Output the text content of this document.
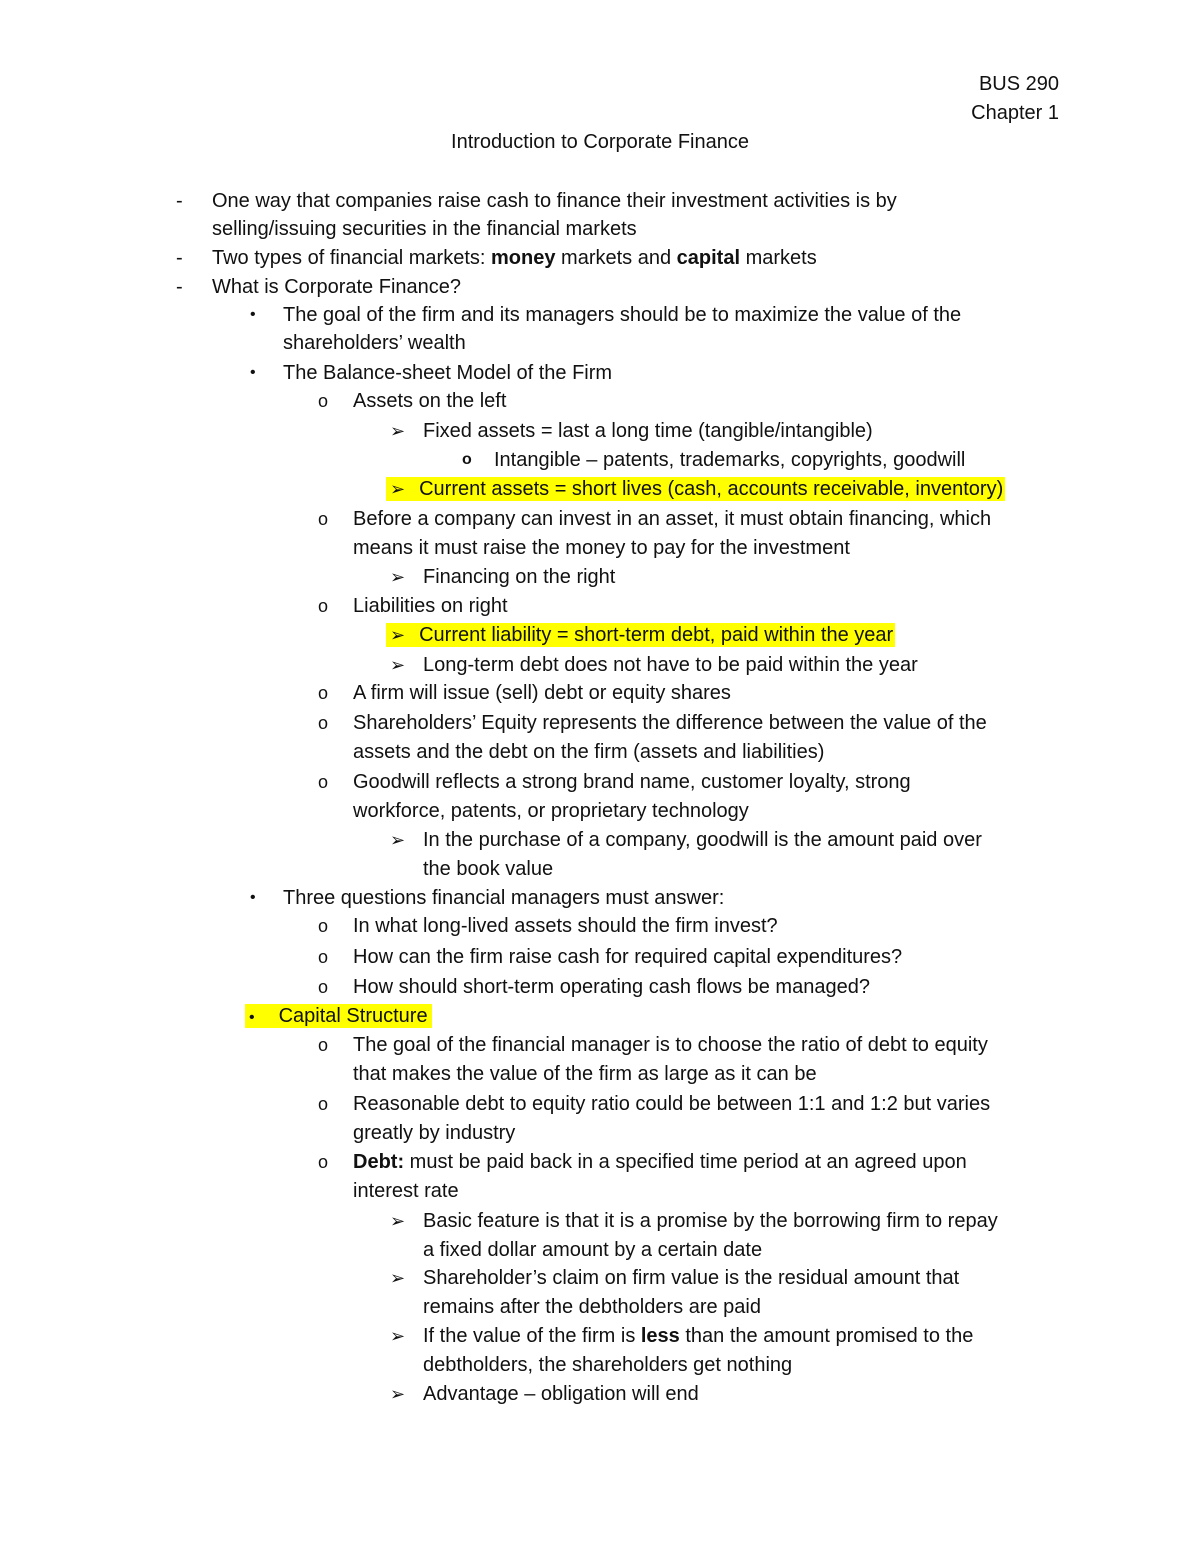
BUS 290
Chapter 1
Introduction to Corporate Finance
- One way that companies raise cash to finance their investment activities is by
selling/issuing securities in the financial markets
- Two types of financial markets: money markets and capital markets
- What is Corporate Finance?
• The goal of the firm and its managers should be to maximize the value of the
shareholders’ wealth
• The Balance-sheet Model of the Firm
o Assets on the left
➢ Fixed assets = last a long time (tangible/intangible)
o Intangible – patents, trademarks, copyrights, goodwill
➢ Current assets = short lives (cash, accounts receivable, inventory)
o Before a company can invest in an asset, it must obtain financing, which
means it must raise the money to pay for the investment
➢ Financing on the right
o Liabilities on right
➢ Current liability = short-term debt, paid within the year
➢ Long-term debt does not have to be paid within the year
o A firm will issue (sell) debt or equity shares
o Shareholders’ Equity represents the difference between the value of the
assets and the debt on the firm (assets and liabilities)
o Goodwill reflects a strong brand name, customer loyalty, strong
workforce, patents, or proprietary technology
➢ In the purchase of a company, goodwill is the amount paid over
the book value
• Three questions financial managers must answer:
o In what long-lived assets should the firm invest?
o How can the firm raise cash for required capital expenditures?
o How should short-term operating cash flows be managed?
• Capital Structure
o The goal of the financial manager is to choose the ratio of debt to equity
that makes the value of the firm as large as it can be
o Reasonable debt to equity ratio could be between 1:1 and 1:2 but varies
greatly by industry
o Debt: must be paid back in a specified time period at an agreed upon
interest rate
➢ Basic feature is that it is a promise by the borrowing firm to repay
a fixed dollar amount by a certain date
➢ Shareholder’s claim on firm value is the residual amount that
remains after the debtholders are paid
➢ If the value of the firm is less than the amount promised to the
debtholders, the shareholders get nothing
➢ Advantage – obligation will end
